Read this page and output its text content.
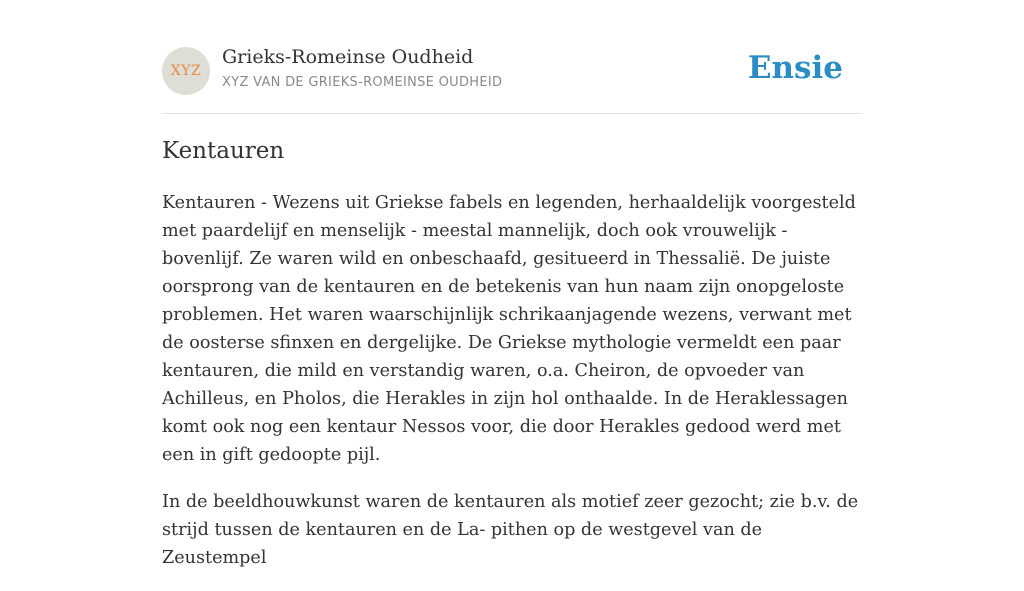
XYZ
Grieks-Romeinse Oudheid
XYZ VAN DE GRIEKS-ROMEINSE OUDHEID	Ensie
Kentauren

Kentauren - Wezens uit Griekse fabels en legenden, herhaaldelijk voorgesteld met paardelijf en menselijk - meestal mannelijk, doch ook vrouwelijk - bovenlijf. Ze waren wild en onbeschaafd, gesitueerd in Thessalië. De juiste oorsprong van de kentauren en de betekenis van hun naam zijn onopgeloste problemen. Het waren waarschijnlijk schrikaanjagende wezens, verwant met de oosterse sfinxen en dergelijke. De Griekse mythologie vermeldt een paar kentauren, die mild en verstandig waren, o.a. Cheiron, de opvoeder van Achilleus, en Pholos, die Herakles in zijn hol onthaalde. In de Heraklessagen komt ook nog een kentaur Nessos voor, die door Herakles gedood werd met een in gift gedoopte pijl.

In de beeldhouwkunst waren de kentauren als motief zeer gezocht; zie b.v. de strijd tussen de kentauren en de La- pithen op de westgevel van de Zeustempel
